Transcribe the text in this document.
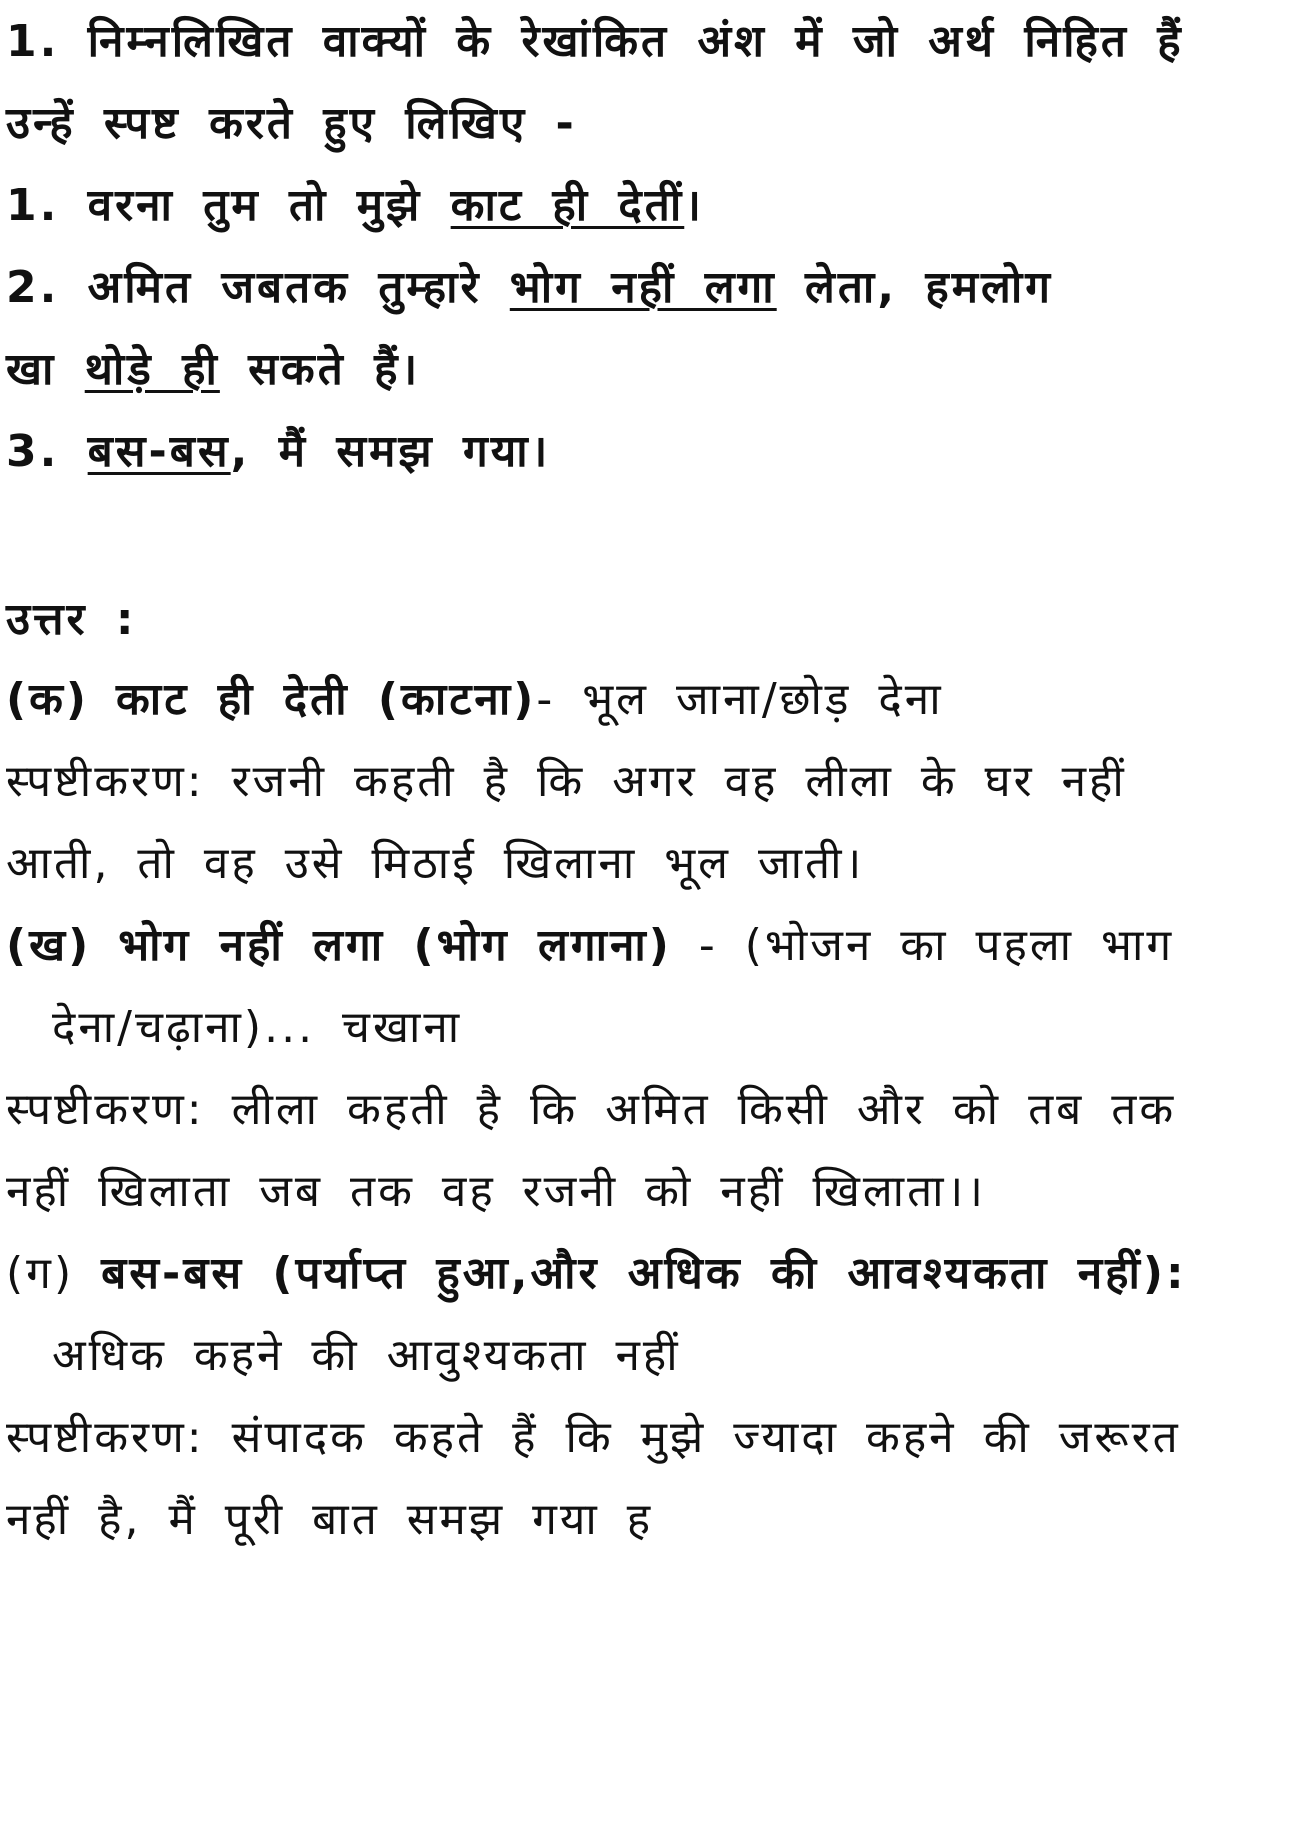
1. निम्नलिखित वाक्यों के रेखांकित अंश में जो अर्थ निहित हैं
उन्हें स्पष्ट करते हुए लिखिए -
1. वरना तुम तो मुझे काट ही देतीं।
2. अमित जबतक तुम्हारे भोग नहीं लगा लेता, हमलोग
खा थोड़े ही सकते हैं।
3. बस-बस, मैं समझ गया।
उत्तर :
(क) काट ही देती (काटना)- भूल जाना/छोड़ देना
स्पष्टीकरण: रजनी कहती है कि अगर वह लीला के घर नहीं
आती, तो वह उसे मिठाई खिलाना भूल जाती।
(ख) भोग नहीं लगा (भोग लगाना) - (भोजन का पहला भाग
देना/चढ़ाना)... चखाना
स्पष्टीकरण: लीला कहती है कि अमित किसी और को तब तक
नहीं खिलाता जब तक वह रजनी को नहीं खिलाता।।
(ग) बस-बस (पर्याप्त हुआ,और अधिक की आवश्यकता नहीं):
अधिक कहने की आवुश्यकता नहीं
स्पष्टीकरण: संपादक कहते हैं कि मुझे ज्यादा कहने की जरूरत
नहीं है, मैं पूरी बात समझ गया ह
